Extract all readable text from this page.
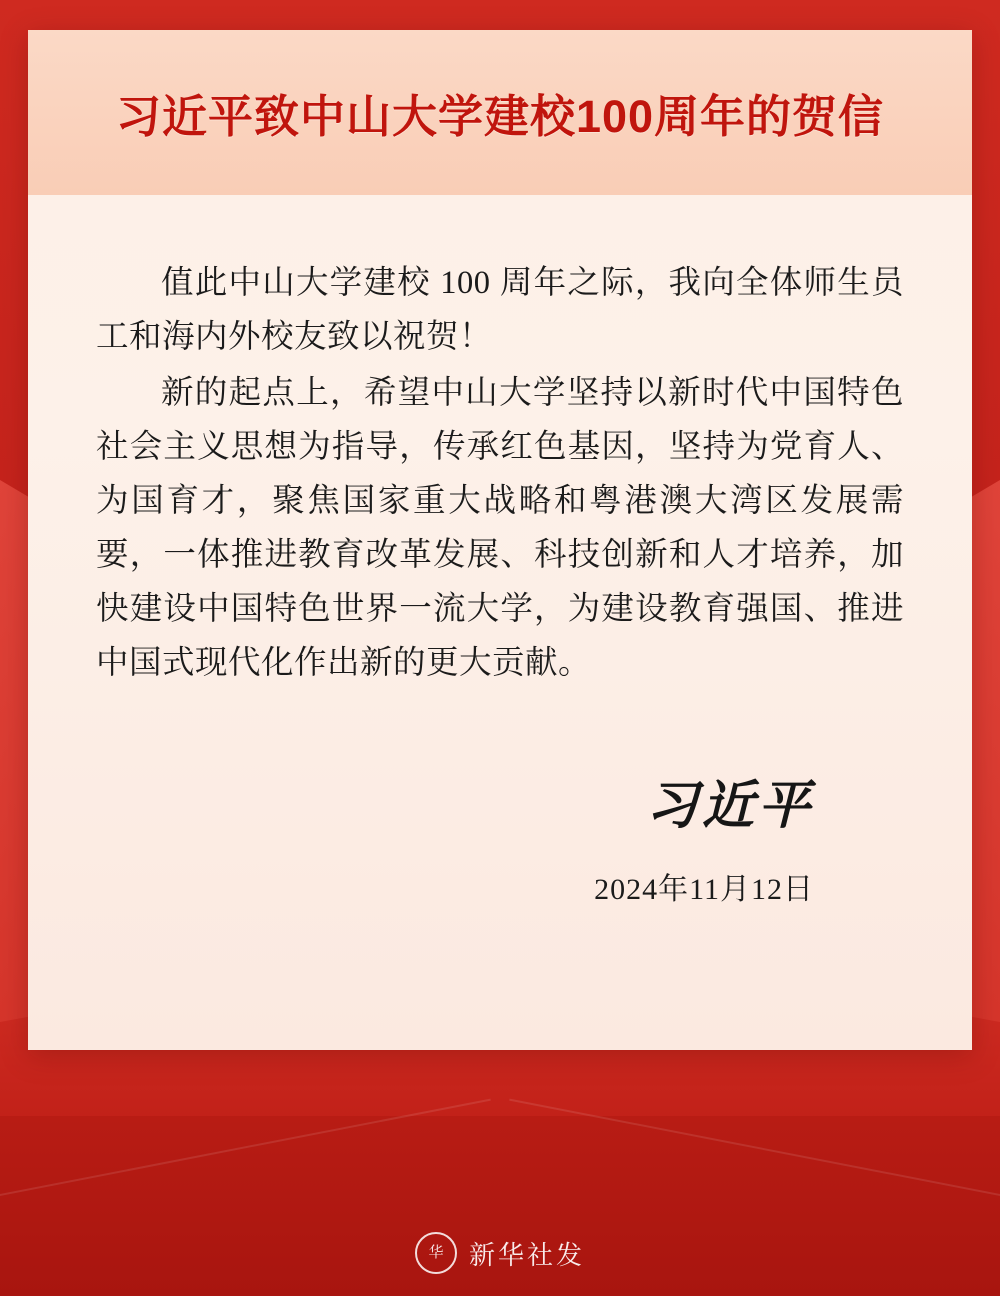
习近平致中山大学建校100周年的贺信

值此中山大学建校 100 周年之际，我向全体师生员工和海内外校友致以祝贺！

新的起点上，希望中山大学坚持以新时代中国特色社会主义思想为指导，传承红色基因，坚持为党育人、为国育才，聚焦国家重大战略和粤港澳大湾区发展需要，一体推进教育改革发展、科技创新和人才培养，加快建设中国特色世界一流大学，为建设教育强国、推进中国式现代化作出新的更大贡献。

习近平
2024年11月12日
华 新华社发
